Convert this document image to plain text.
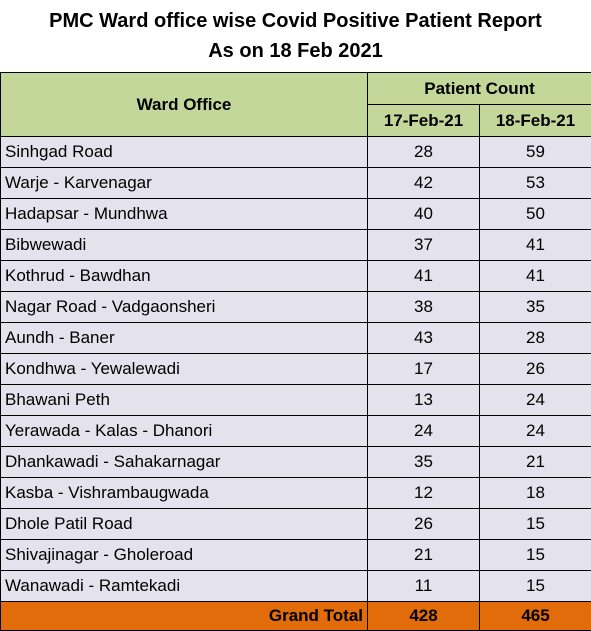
PMC Ward office wise Covid Positive Patient Report
As on 18 Feb 2021
Ward Office	Patient Count	
	17-Feb-21	18-Feb-21
Sinhgad Road	28	59
Warje - Karvenagar	42	53
Hadapsar - Mundhwa	40	50
Bibwewadi	37	41
Kothrud - Bawdhan	41	41
Nagar Road - Vadgaonsheri	38	35
Aundh - Baner	43	28
Kondhwa - Yewalewadi	17	26
Bhawani Peth	13	24
Yerawada - Kalas - Dhanori	24	24
Dhankawadi - Sahakarnagar	35	21
Kasba - Vishrambaugwada	12	18
Dhole Patil Road	26	15
Shivajinagar - Gholeroad	21	15
Wanawadi - Ramtekadi	11	15
Grand Total	428	465
